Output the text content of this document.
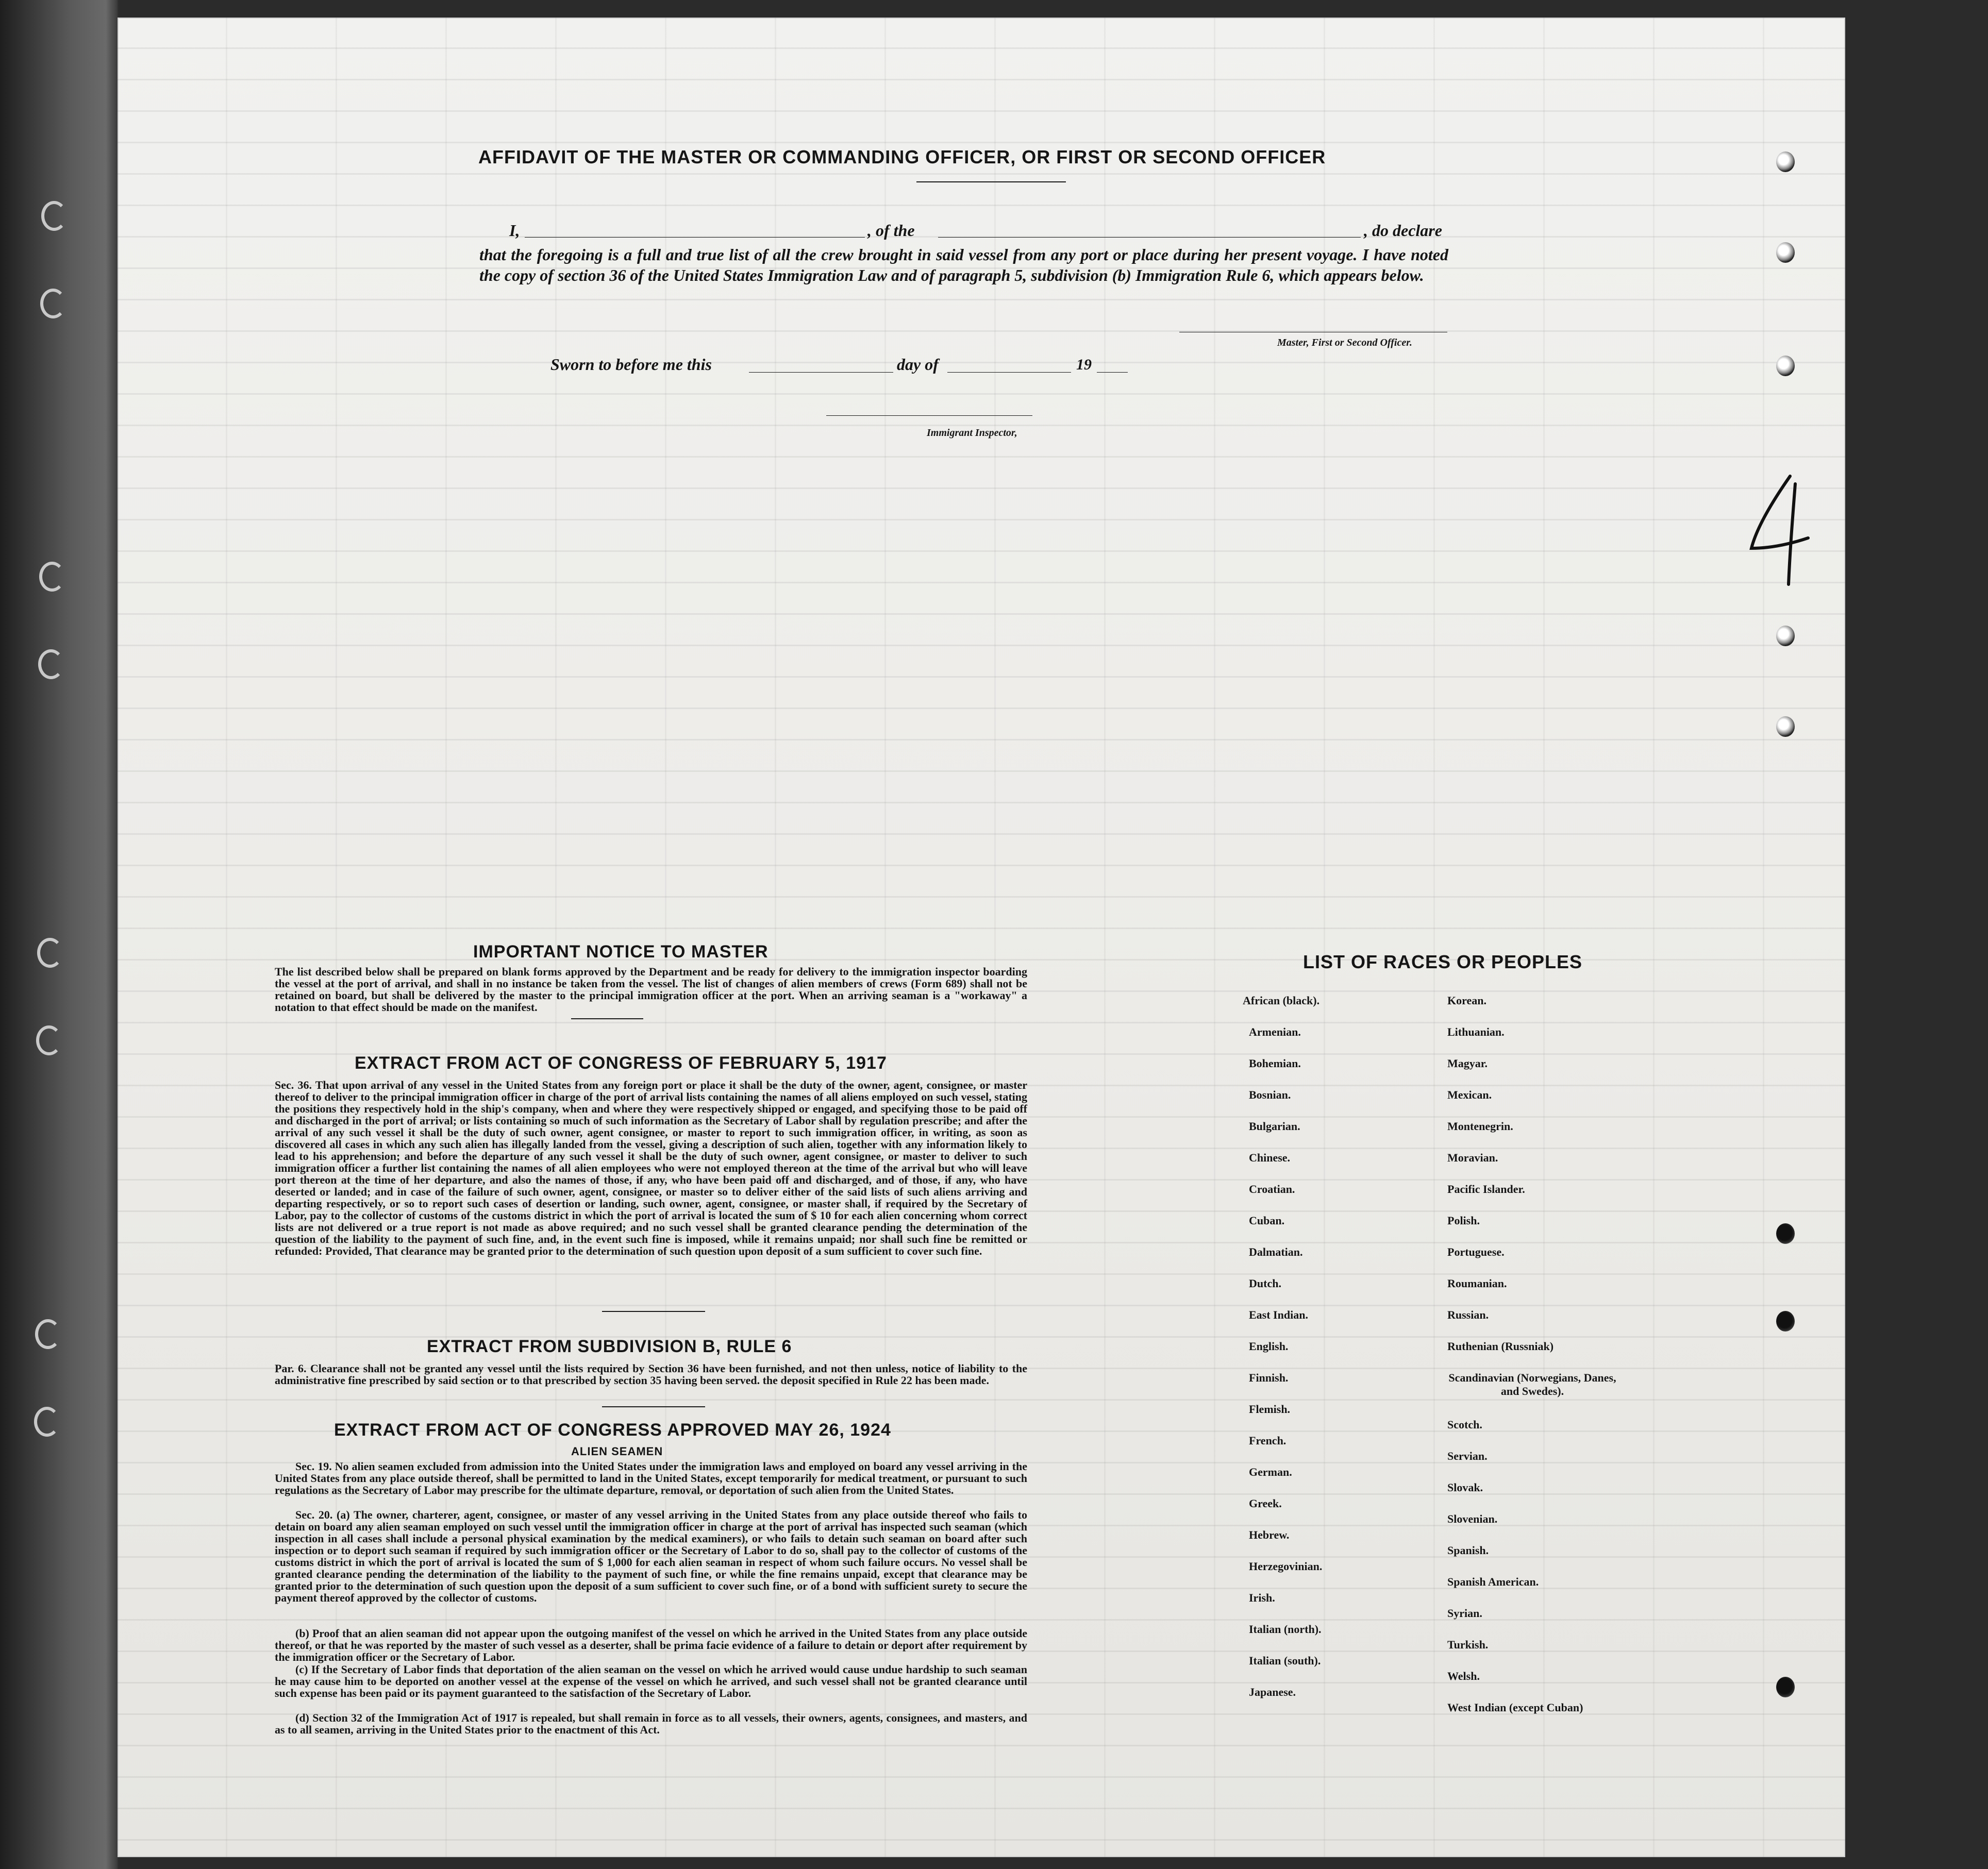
AFFIDAVIT OF THE MASTER OR COMMANDING OFFICER, OR FIRST OR SECOND OFFICER
I,	, of the	, do declare
that the foregoing is a full and true list of all the crew brought in said vessel from any port or place during her present voyage. I have noted the copy of section 36 of the United States Immigration Law and of paragraph 5, subdivision (b) Immigration Rule 6, which appears below.
Master, First or Second Officer.
Sworn to before me this	day of	19
Immigrant Inspector,
IMPORTANT NOTICE TO MASTER
The list described below shall be prepared on blank forms approved by the Department and be ready for delivery to the immigration inspector boarding the vessel at the port of arrival, and shall in no instance be taken from the vessel. The list of changes of alien members of crews (Form 689) shall not be retained on board, but shall be delivered by the master to the principal immigration officer at the port. When an arriving seaman is a "workaway" a notation to that effect should be made on the manifest.
EXTRACT FROM ACT OF CONGRESS OF FEBRUARY 5, 1917
Sec. 36. That upon arrival of any vessel in the United States from any foreign port or place it shall be the duty of the owner, agent, consignee, or master thereof to deliver to the principal immigration officer in charge of the port of arrival lists containing the names of all aliens employed on such vessel, stating the positions they respectively hold in the ship's company, when and where they were respectively shipped or engaged, and specifying those to be paid off and discharged in the port of arrival; or lists containing so much of such information as the Secretary of Labor shall by regulation prescribe; and after the arrival of any such vessel it shall be the duty of such owner, agent consignee, or master to report to such immigration officer, in writing, as soon as discovered all cases in which any such alien has illegally landed from the vessel, giving a description of such alien, together with any information likely to lead to his apprehension; and before the departure of any such vessel it shall be the duty of such owner, agent consignee, or master to deliver to such immigration officer a further list containing the names of all alien employees who were not employed thereon at the time of the arrival but who will leave port thereon at the time of her departure, and also the names of those, if any, who have been paid off and discharged, and of those, if any, who have deserted or landed; and in case of the failure of such owner, agent, consignee, or master so to deliver either of the said lists of such aliens arriving and departing respectively, or so to report such cases of desertion or landing, such owner, agent, consignee, or master shall, if required by the Secretary of Labor, pay to the collector of customs of the customs district in which the port of arrival is located the sum of $ 10 for each alien concerning whom correct lists are not delivered or a true report is not made as above required; and no such vessel shall be granted clearance pending the determination of the question of the liability to the payment of such fine, and, in the event such fine is imposed, while it remains unpaid; nor shall such fine be remitted or refunded: Provided, That clearance may be granted prior to the determination of such question upon deposit of a sum sufficient to cover such fine.
EXTRACT FROM SUBDIVISION B, RULE 6
Par. 6. Clearance shall not be granted any vessel until the lists required by Section 36 have been furnished, and not then unless, notice of liability to the administrative fine prescribed by said section or to that prescribed by section 35 having been served. the deposit specified in Rule 22 has been made.
EXTRACT FROM ACT OF CONGRESS APPROVED MAY 26, 1924
ALIEN SEAMEN
Sec. 19. No alien seamen excluded from admission into the United States under the immigration laws and employed on board any vessel arriving in the United States from any place outside thereof, shall be permitted to land in the United States, except temporarily for medical treatment, or pursuant to such regulations as the Secretary of Labor may prescribe for the ultimate departure, removal, or deportation of such alien from the United States.
Sec. 20. (a) The owner, charterer, agent, consignee, or master of any vessel arriving in the United States from any place outside thereof who fails to detain on board any alien seaman employed on such vessel until the immigration officer in charge at the port of arrival has inspected such seaman (which inspection in all cases shall include a personal physical examination by the medical examiners), or who fails to detain such seaman on board after such inspection or to deport such seaman if required by such immigration officer or the Secretary of Labor to do so, shall pay to the collector of customs of the customs district in which the port of arrival is located the sum of $ 1,000 for each alien seaman in respect of whom such failure occurs. No vessel shall be granted clearance pending the determination of the liability to the payment of such fine, or while the fine remains unpaid, except that clearance may be granted prior to the determination of such question upon the deposit of a sum sufficient to cover such fine, or of a bond with sufficient surety to secure the payment thereof approved by the collector of customs.
(b) Proof that an alien seaman did not appear upon the outgoing manifest of the vessel on which he arrived in the United States from any place outside thereof, or that he was reported by the master of such vessel as a deserter, shall be prima facie evidence of a failure to detain or deport after requirement by the immigration officer or the Secretary of Labor.
(c) If the Secretary of Labor finds that deportation of the alien seaman on the vessel on which he arrived would cause undue hardship to such seaman he may cause him to be deported on another vessel at the expense of the vessel on which he arrived, and such vessel shall not be granted clearance until such expense has been paid or its payment guaranteed to the satisfaction of the Secretary of Labor.
(d) Section 32 of the Immigration Act of 1917 is repealed, but shall remain in force as to all vessels, their owners, agents, consignees, and masters, and as to all seamen, arriving in the United States prior to the enactment of this Act.
LIST OF RACES OR PEOPLES
African (black).
Armenian.
Bohemian.
Bosnian.
Bulgarian.
Chinese.
Croatian.
Cuban.
Dalmatian.
Dutch.
East Indian.
English.
Finnish.
Flemish.
French.
German.
Greek.
Hebrew.
Herzegovinian.
Irish.
Italian (north).
Italian (south).
Japanese.
Korean.
Lithuanian.
Magyar.
Mexican.
Montenegrin.
Moravian.
Pacific Islander.
Polish.
Portuguese.
Roumanian.
Russian.
Ruthenian (Russniak)
Scandinavian (Norwegians, Danes, and Swedes).
Scotch.
Servian.
Slovak.
Slovenian.
Spanish.
Spanish American.
Syrian.
Turkish.
Welsh.
West Indian (except Cuban)
